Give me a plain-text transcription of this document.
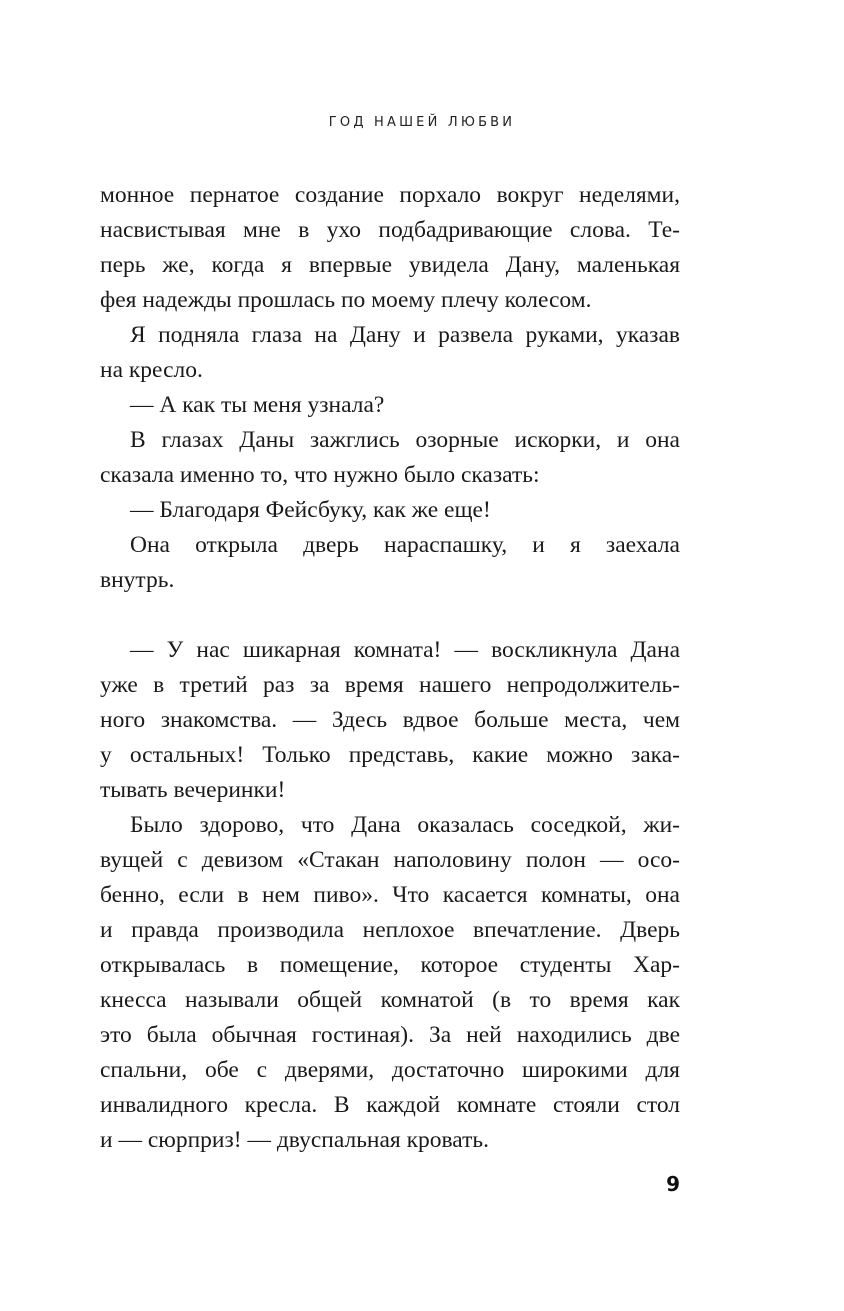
ГОД НАШЕЙ ЛЮБВИ
монное пернатое создание порхало вокруг неделями,
насвистывая мне в ухо подбадривающие слова. Те-
перь же, когда я впервые увидела Дану, маленькая
фея надежды прошлась по моему плечу колесом.
Я подняла глаза на Дану и развела руками, указав
на кресло.
— А как ты меня узнала?
В глазах Даны зажглись озорные искорки, и она
сказала именно то, что нужно было сказать:
— Благодаря Фейсбуку, как же еще!
Она открыла дверь нараспашку, и я заехала
внутрь.
— У нас шикарная комната! — воскликнула Дана
уже в третий раз за время нашего непродолжитель-
ного знакомства. — Здесь вдвое больше места, чем
у остальных! Только представь, какие можно зака-
тывать вечеринки!
Было здорово, что Дана оказалась соседкой, жи-
вущей с девизом «Стакан наполовину полон — осо-
бенно, если в нем пиво». Что касается комнаты, она
и правда производила неплохое впечатление. Дверь
открывалась в помещение, которое студенты Хар-
кнесса называли общей комнатой (в то время как
это была обычная гостиная). За ней находились две
спальни, обе с дверями, достаточно широкими для
инвалидного кресла. В каждой комнате стояли стол
и — сюрприз! — двуспальная кровать.
9
